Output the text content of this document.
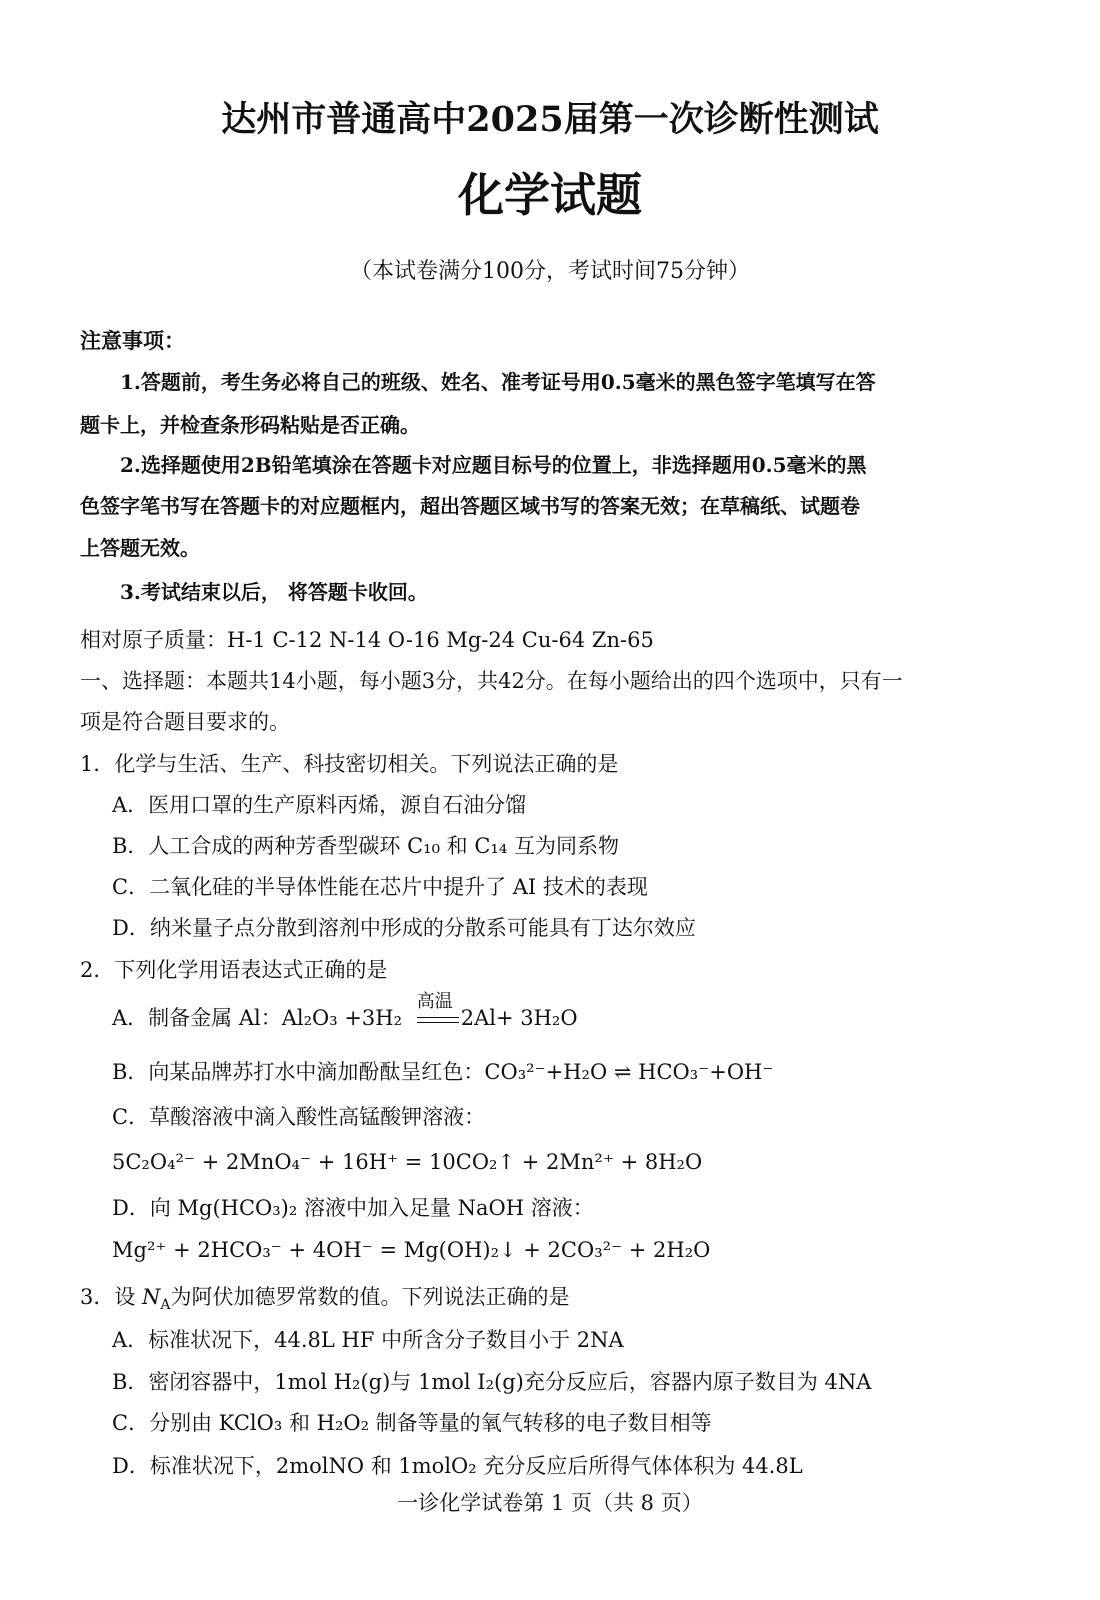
达州市普通高中2025届第一次诊断性测试
化学试题
（本试卷满分100分，考试时间75分钟）
注意事项：
1.答题前，考生务必将自己的班级、姓名、准考证号用0.5毫米的黑色签字笔填写在答
题卡上，并检查条形码粘贴是否正确。
2.选择题使用2B铅笔填涂在答题卡对应题目标号的位置上，非选择题用0.5毫米的黑
色签字笔书写在答题卡的对应题框内，超出答题区域书写的答案无效；在草稿纸、试题卷
上答题无效。
3.考试结束以后， 将答题卡收回。
相对原子质量：H-1 C-12 N-14 O-16 Mg-24 Cu-64 Zn-65
一、选择题：本题共14小题，每小题3分，共42分。在每小题给出的四个选项中，只有一
项是符合题目要求的。
1．化学与生活、生产、科技密切相关。下列说法正确的是
A．医用口罩的生产原料丙烯，源自石油分馏
B．人工合成的两种芳香型碳环 C₁₀ 和 C₁₄ 互为同系物
C．二氧化硅的半导体性能在芯片中提升了 AI 技术的表现
D．纳米量子点分散到溶剂中形成的分散系可能具有丁达尔效应
2．下列化学用语表达式正确的是
A．制备金属 Al：Al₂O₃ +3H₂
高温
2Al+ 3H₂O
B．向某品牌苏打水中滴加酚酞呈红色：CO₃²⁻+H₂O ⇌ HCO₃⁻+OH⁻
C．草酸溶液中滴入酸性高锰酸钾溶液：
5C₂O₄²⁻ + 2MnO₄⁻ + 16H⁺ = 10CO₂↑ + 2Mn²⁺ + 8H₂O
D．向 Mg(HCO₃)₂ 溶液中加入足量 NaOH 溶液：
Mg²⁺ + 2HCO₃⁻ + 4OH⁻ = Mg(OH)₂↓ + 2CO₃²⁻ + 2H₂O
3．设 $N_A$为阿伏加德罗常数的值。下列说法正确的是
A．标准状况下，44.8L HF 中所含分子数目小于 2NA
B．密闭容器中，1mol H₂(g)与 1mol I₂(g)充分反应后，容器内原子数目为 4NA
C．分别由 KClO₃ 和 H₂O₂ 制备等量的氧气转移的电子数目相等
D．标准状况下，2molNO 和 1molO₂ 充分反应后所得气体体积为 44.8L
一诊化学试卷第 1 页（共 8 页）
